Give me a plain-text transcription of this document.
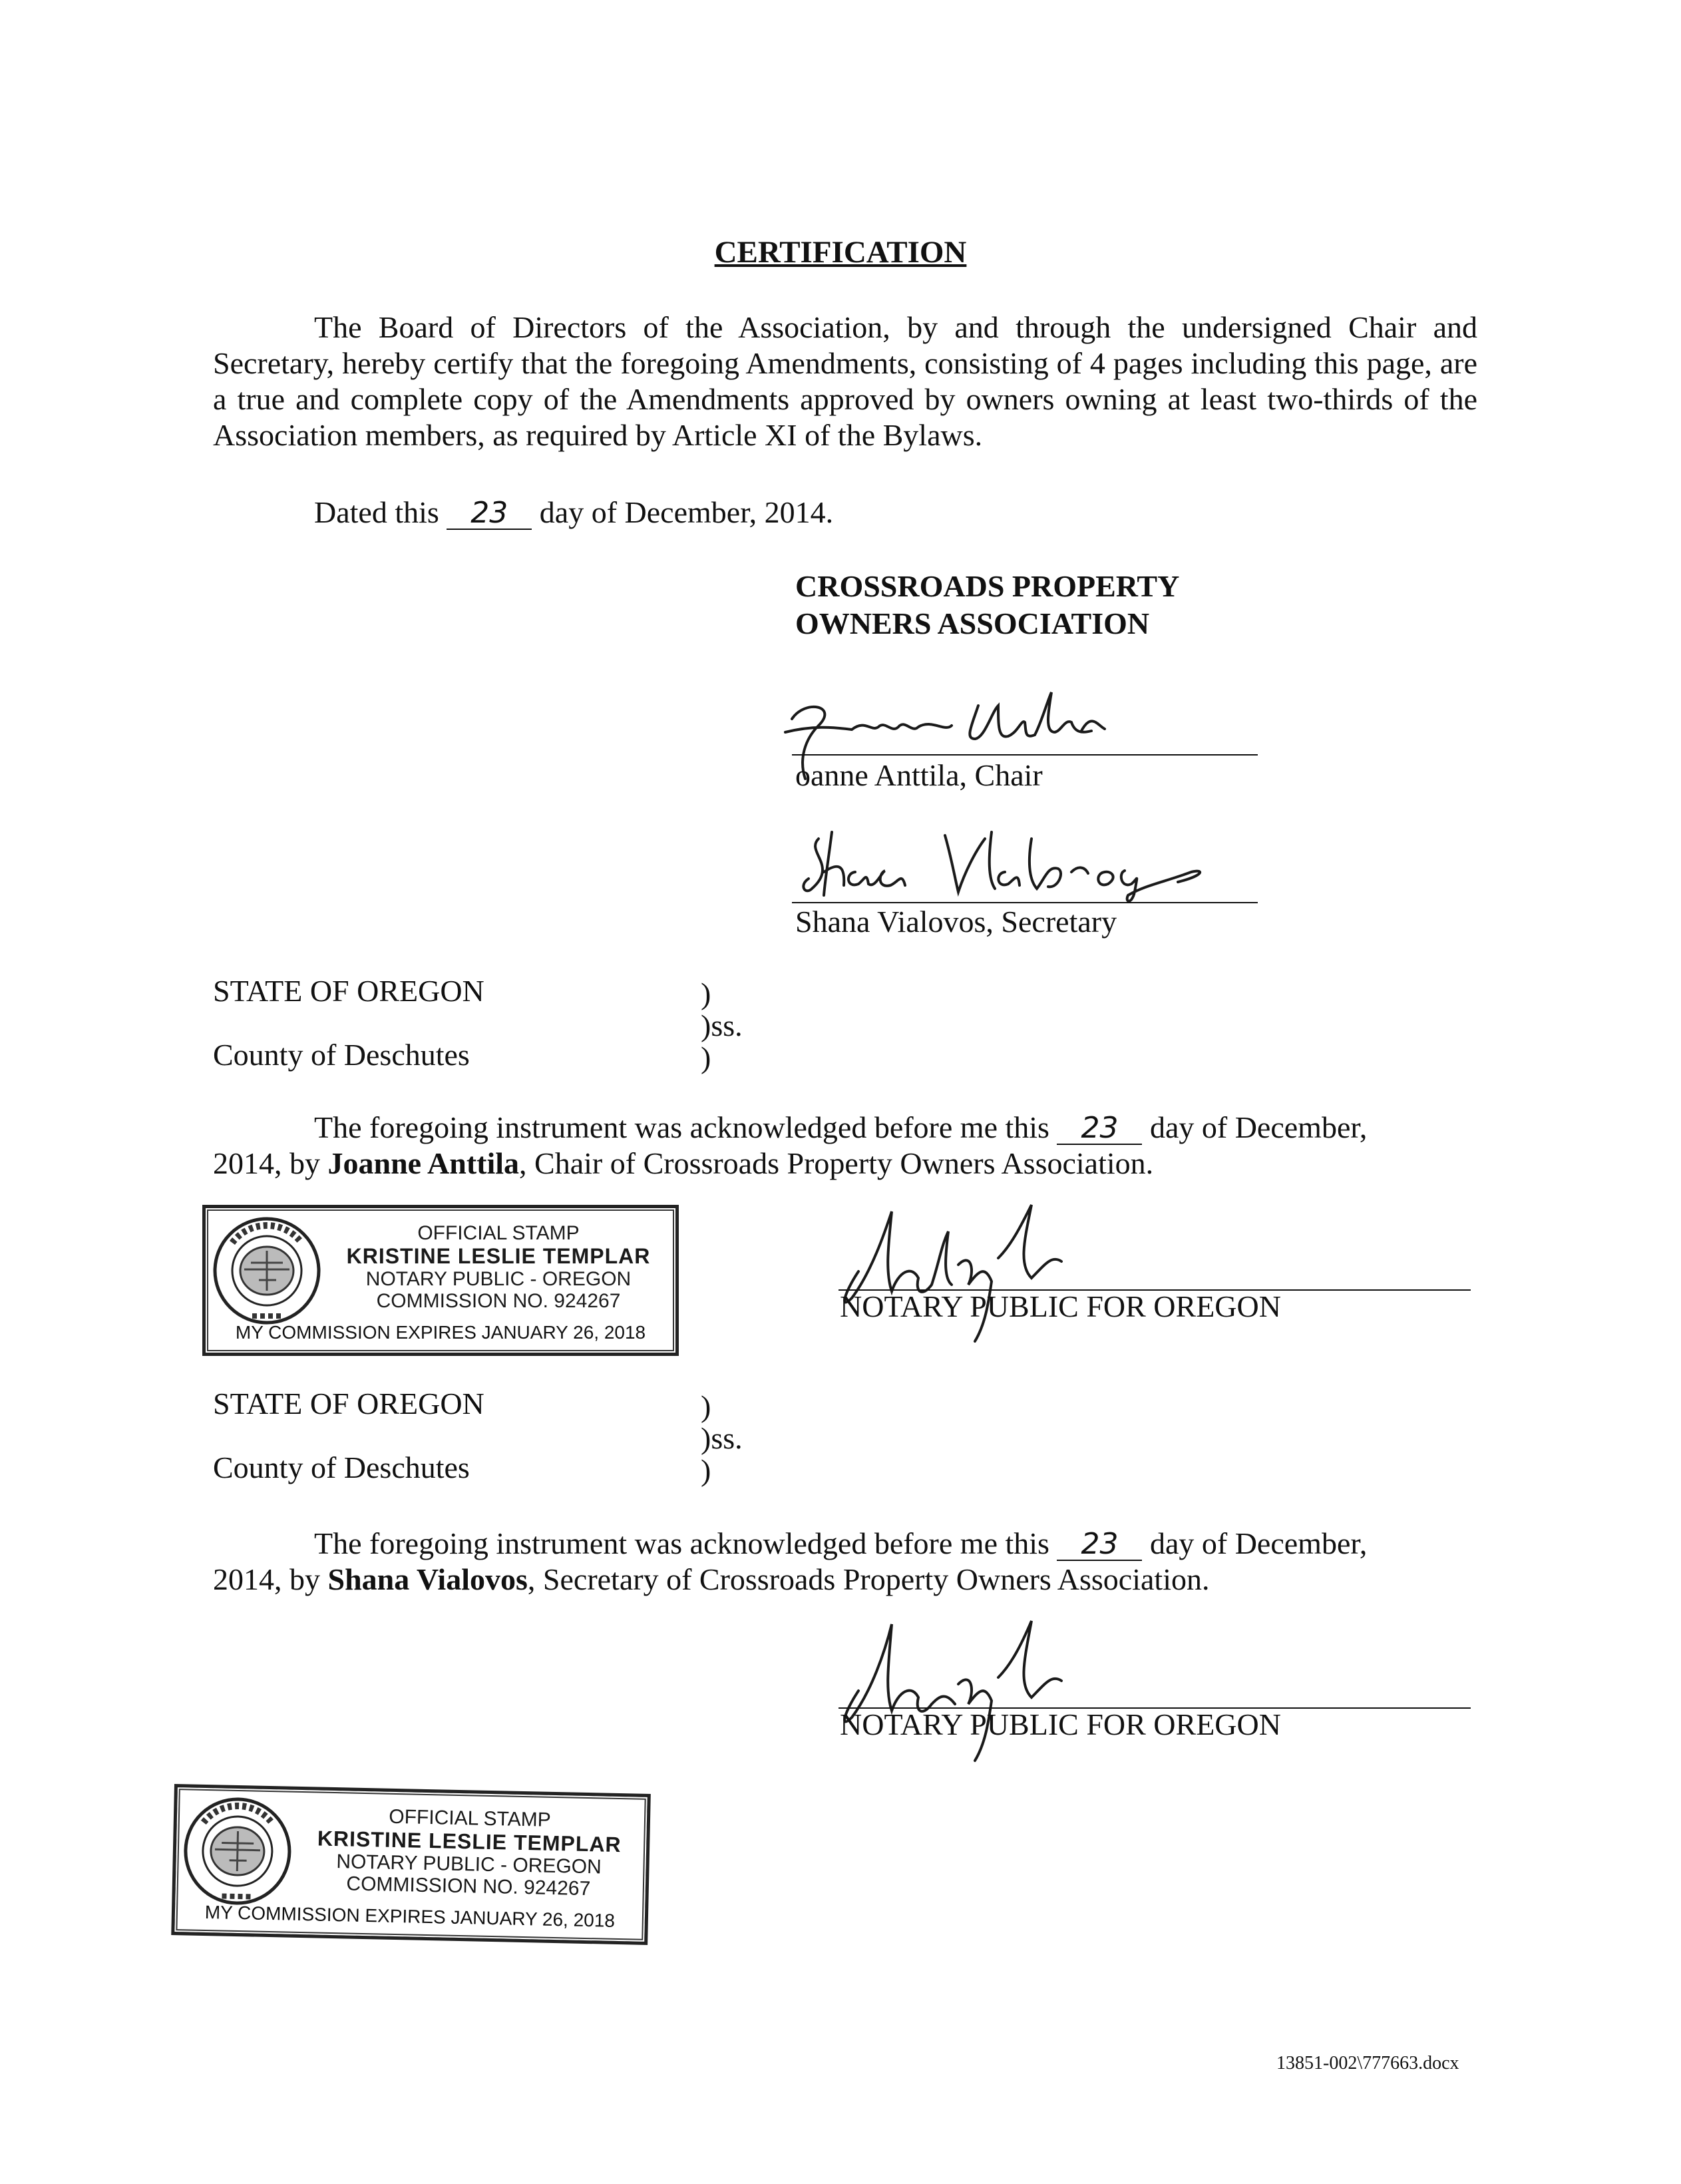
CERTIFICATION
The Board of Directors of the Association, by and through the undersigned Chair and Secretary, hereby certify that the foregoing Amendments, consisting of 4 pages including this page, are a true and complete copy of the Amendments approved by owners owning at least two-thirds of the Association members, as required by Article XI of the Bylaws.
Dated this 23 day of December, 2014.
CROSSROADS PROPERTY
OWNERS ASSOCIATION
oanne Anttila, Chair
Shana Vialovos, Secretary
STATE OF OREGON
County of Deschutes
)
)ss.
)
The foregoing instrument was acknowledged before me this 23 day of December,
2014, by Joanne Anttila, Chair of Crossroads Property Owners Association.
OFFICIAL STAMP
KRISTINE LESLIE TEMPLAR
NOTARY PUBLIC - OREGON
COMMISSION NO. 924267
MY COMMISSION EXPIRES JANUARY 26, 2018
NOTARY PUBLIC FOR OREGON
STATE OF OREGON
County of Deschutes
)
)ss.
)
The foregoing instrument was acknowledged before me this 23 day of December,
2014, by Shana Vialovos, Secretary of Crossroads Property Owners Association.
NOTARY PUBLIC FOR OREGON
OFFICIAL STAMP
KRISTINE LESLIE TEMPLAR
NOTARY PUBLIC - OREGON
COMMISSION NO. 924267
MY COMMISSION EXPIRES JANUARY 26, 2018
13851-002\777663.docx
